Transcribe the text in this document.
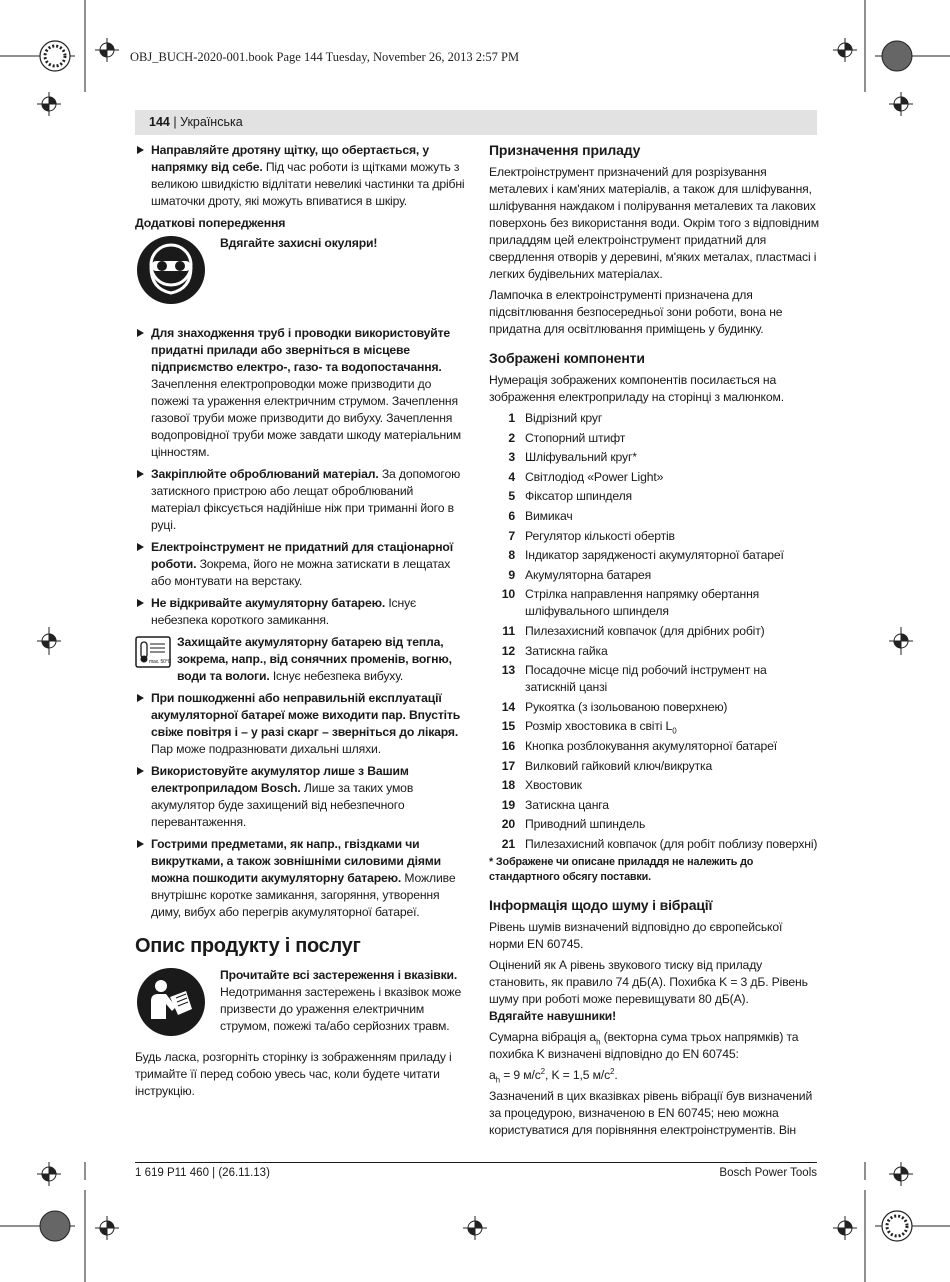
OBJ_BUCH-2020-001.book Page 144 Tuesday, November 26, 2013 2:57 PM
144 | Українська
Направляйте дротяну щітку, що обертається, у напрямку від себе. Під час роботи із щітками можуть з великою швидкістю відлітати невеликі частинки та дрібні шматочки дроту, які можуть впиватися в шкіру.
Додаткові попередження
Вдягайте захисні окуляри!
Для знаходження труб і проводки використовуйте придатні прилади або зверніться в місцеве підприємство електро-, газо- та водопостачання. Зачеплення електропроводки може призводити до пожежі та ураження електричним струмом. Зачеплення газової труби може призводити до вибуху. Зачеплення водопровідної труби може завдати шкоду матеріальним цінностям.
Закріплюйте оброблюваний матеріал. За допомогою затискного пристрою або лещат оброблюваний матеріал фіксується надійніше ніж при триманні його в руці.
Електроінструмент не придатний для стаціонарної роботи. Зокрема, його не можна затискати в лещатах або монтувати на верстаку.
Не відкривайте акумуляторну батарею. Існує небезпека короткого замикання.
max. 50°C
Захищайте акумуляторну батарею від тепла, зокрема, напр., від сонячних променів, вогню, води та вологи. Існує небезпека вибуху.
При пошкодженні або неправильній експлуатації акумуляторної батареї може виходити пар. Впустіть свіже повітря і – у разі скарг – зверніться до лікаря. Пар може подразнювати дихальні шляхи.
Використовуйте акумулятор лише з Вашим електроприладом Bosch. Лише за таких умов акумулятор буде захищений від небезпечного перевантаження.
Гострими предметами, як напр., гвіздками чи викрутками, а також зовнішніми силовими діями можна пошкодити акумуляторну батарею. Можливе внутрішнє коротке замикання, загоряння, утворення диму, вибух або перегрів акумуляторної батареї.
Опис продукту і послуг
Прочитайте всі застереження і вказівки. Недотримання застережень і вказівок може призвести до ураження електричним струмом, пожежі та/або серйозних травм.

Будь ласка, розгорніть сторінку із зображенням приладу і тримайте її перед собою увесь час, коли будете читати інструкцію.

Призначення приладу

Електроінструмент призначений для розрізування металевих і кам'яних матеріалів, а також для шліфування, шліфування наждаком і полірування металевих та лакових поверхонь без використання води. Окрім того з відповідним приладдям цей електроінструмент придатний для свердлення отворів у деревині, м'яких металах, пластмасі і легких будівельних матеріалах.

Лампочка в електроінструменті призначена для підсвітлювання безпосередньої зони роботи, вона не придатна для освітлювання приміщень у будинку.

Зображені компоненти

Нумерація зображених компонентів посилається на зображення електроприладу на сторінці з малюнком.

1 Відрізний круг
2 Стопорний штифт
3 Шліфувальний круг*
4 Світлодіод «Power Light»
5 Фіксатор шпинделя
6 Вимикач
7 Регулятор кількості обертів
8 Індикатор зарядженості акумуляторної батареї
9 Акумуляторна батарея
10 Стрілка направлення напрямку обертання шліфувального шпинделя
11 Пилезахисний ковпачок (для дрібних робіт)
12 Затискна гайка
13 Посадочне місце під робочий інструмент на затискній цанзі
14 Рукоятка (з ізольованою поверхнею)
15 Розмір хвостовика в світі $L_0$
16 Кнопка розблокування акумуляторної батареї
17 Вилковий гайковий ключ/викрутка
18 Хвостовик
19 Затискна цанга
20 Приводний шпиндель
21 Пилезахисний ковпачок (для робіт поблизу поверхні)
* Зображене чи описане приладдя не належить до стандартного обсягу поставки.
Інформація щодо шуму і вібрації

Рівень шумів визначений відповідно до європейської норми EN 60745.

Оцінений як А рівень звукового тиску від приладу становить, як правило 74 дБ(A). Похибка K = 3 дБ. Рівень шуму при роботі може перевищувати 80 дБ(A).

Вдягайте навушники!

Сумарна вібрація $a_h$ (векторна сума трьох напрямків) та похибка K визначені відповідно до EN 60745:

$a_h = 9$ $м/с^2$, K = 1,5 $м/с^2$.

Зазначений в цих вказівках рівень вібрації був визначений за процедурою, визначеною в EN 60745; нею можна користуватися для порівняння електроінструментів. Він

1 619 P11 460 | (26.11.13)	Bosch Power Tools
